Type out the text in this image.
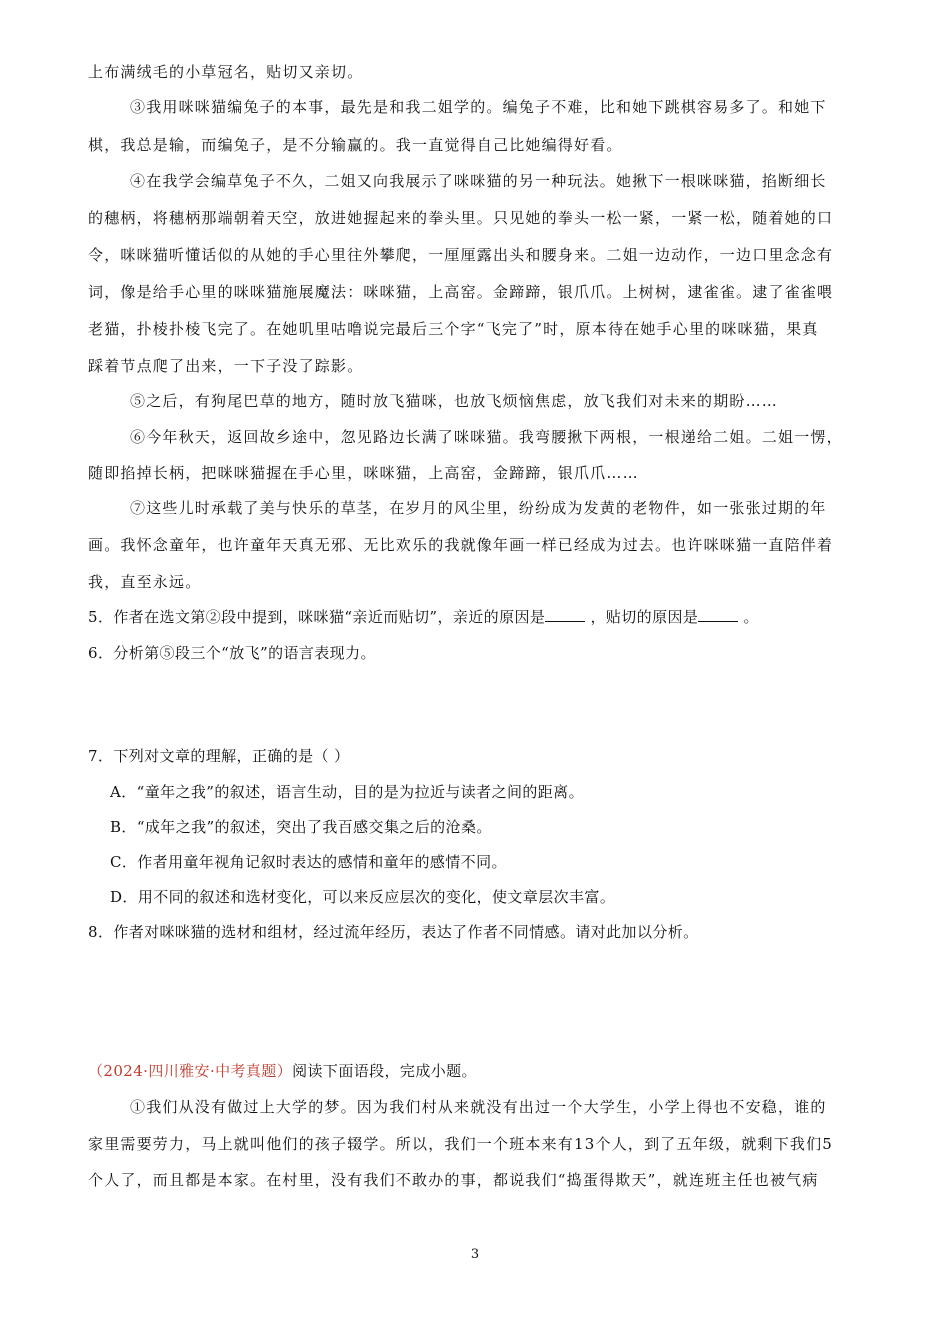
上布满绒毛的小草冠名，贴切又亲切。
③我用咪咪猫编兔子的本事，最先是和我二姐学的。编兔子不难，比和她下跳棋容易多了。和她下
棋，我总是输，而编兔子，是不分输赢的。我一直觉得自己比她编得好看。
④在我学会编草兔子不久，二姐又向我展示了咪咪猫的另一种玩法。她揪下一根咪咪猫，掐断细长
的穗柄，将穗柄那端朝着天空，放进她握起来的拳头里。只见她的拳头一松一紧，一紧一松，随着她的口
令，咪咪猫听懂话似的从她的手心里往外攀爬，一厘厘露出头和腰身来。二姐一边动作，一边口里念念有
词，像是给手心里的咪咪猫施展魔法：咪咪猫，上高窑。金蹄蹄，银爪爪。上树树，逮雀雀。逮了雀雀喂
老猫，扑棱扑棱飞完了。在她叽里咕噜说完最后三个字“飞完了”时，原本待在她手心里的咪咪猫，果真
踩着节点爬了出来，一下子没了踪影。
⑤之后，有狗尾巴草的地方，随时放飞猫咪，也放飞烦恼焦虑，放飞我们对未来的期盼……
⑥今年秋天，返回故乡途中，忽见路边长满了咪咪猫。我弯腰揪下两根，一根递给二姐。二姐一愣，
随即掐掉长柄，把咪咪猫握在手心里，咪咪猫，上高窑，金蹄蹄，银爪爪……
⑦这些儿时承载了美与快乐的草茎，在岁月的风尘里，纷纷成为发黄的老物件，如一张张过期的年
画。我怀念童年，也许童年天真无邪、无比欢乐的我就像年画一样已经成为过去。也许咪咪猫一直陪伴着
我，直至永远。
5．作者在选文第②段中提到，咪咪猫“亲近而贴切”，亲近的原因是	，贴切的原因是	。
6．分析第⑤段三个“放飞”的语言表现力。
7．下列对文章的理解，正确的是（ ）
A．“童年之我”的叙述，语言生动，目的是为拉近与读者之间的距离。
B．“成年之我”的叙述，突出了我百感交集之后的沧桑。
C．作者用童年视角记叙时表达的感情和童年的感情不同。
D．用不同的叙述和选材变化，可以来反应层次的变化，使文章层次丰富。
8．作者对咪咪猫的选材和组材，经过流年经历，表达了作者不同情感。请对此加以分析。
（2024·四川雅安·中考真题）阅读下面语段，完成小题。
①我们从没有做过上大学的梦。因为我们村从来就没有出过一个大学生，小学上得也不安稳，谁的
家里需要劳力，马上就叫他们的孩子辍学。所以，我们一个班本来有13个人，到了五年级，就剩下我们5
个人了，而且都是本家。在村里，没有我们不敢办的事，都说我们“捣蛋得欺天”，就连班主任也被气病
3
